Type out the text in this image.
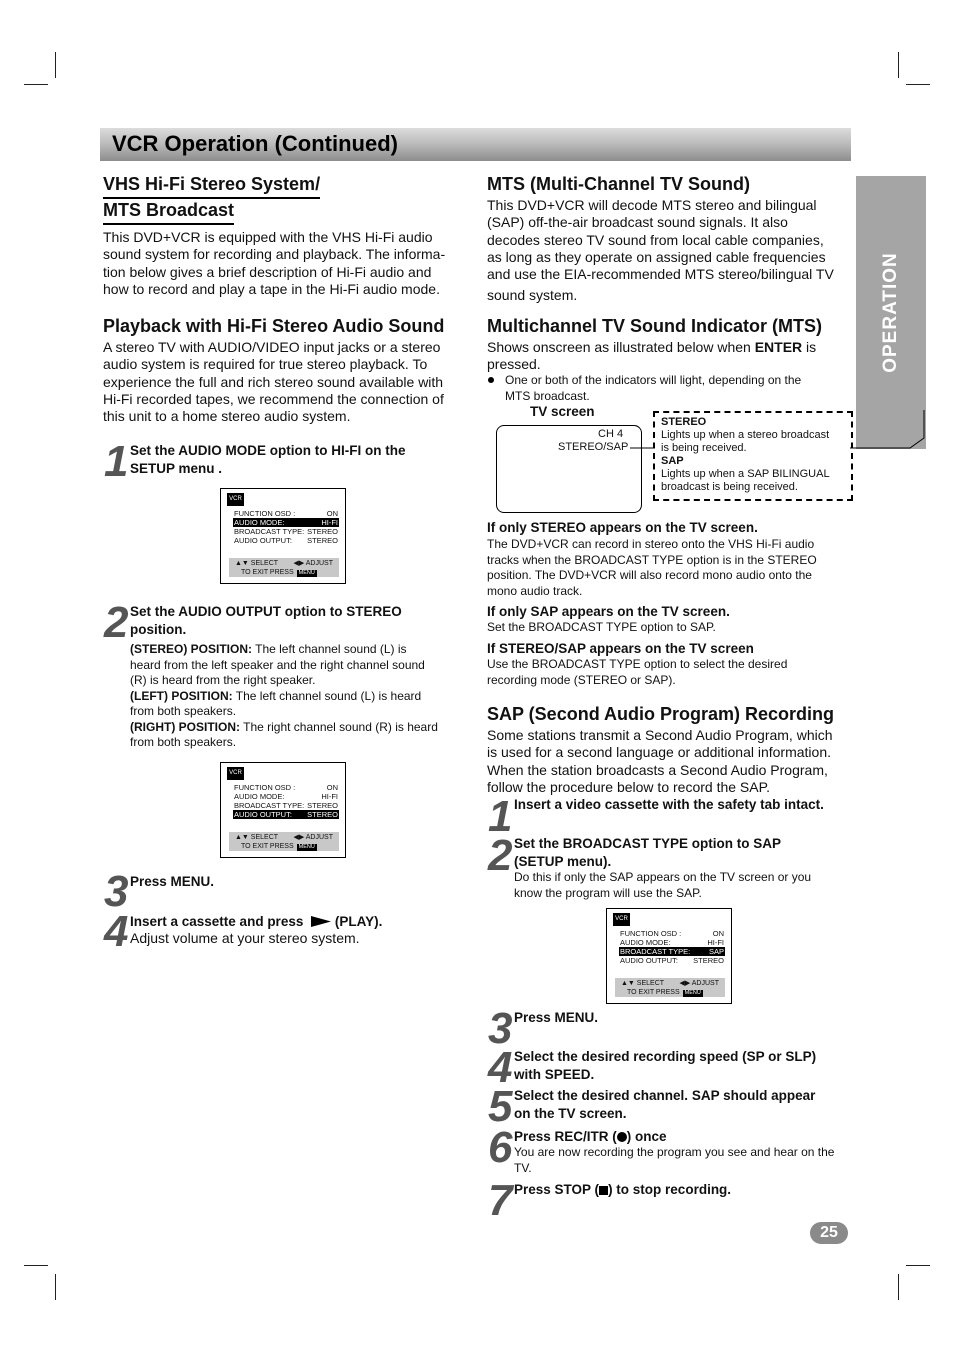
VCR Operation (Continued)
OPERATION
VHS Hi-Fi Stereo System/
MTS Broadcast
This DVD+VCR is equipped with the VHS Hi-Fi audio
sound system for recording and playback. The informa-
tion below gives a brief description of Hi-Fi audio and
how to record and play a tape in the Hi-Fi audio mode.
Playback with Hi-Fi Stereo Audio Sound
A stereo TV with AUDIO/VIDEO input jacks or a stereo
audio system is required for true stereo playback. To
experience the full and rich stereo sound available with
Hi-Fi recorded tapes, we recommend the connection of
this unit to a home stereo audio system.
1 Set the AUDIO MODE option to HI-FI on the
SETUP menu .
VCR
FUNCTION OSD :	ON
AUDIO MODE:	HI-FI
BROADCAST TYPE: STEREO
AUDIO OUTPUT: STEREO
▲▼ SELECT ◀▶ ADJUST
TO EXIT PRESS MENU
2 Set the AUDIO OUTPUT option to STEREO
position.
(STEREO) POSITION: The left channel sound (L) is
heard from the left speaker and the right channel sound
(R) is heard from the right speaker.
(LEFT) POSITION: The left channel sound (L) is heard
from both speakers.
(RIGHT) POSITION: The right channel sound (R) is heard
from both speakers.
VCR
FUNCTION OSD :	ON
AUDIO MODE:	HI-FI
BROADCAST TYPE: STEREO
AUDIO OUTPUT: STEREO
▲▼ SELECT ◀▶ ADJUST
TO EXIT PRESS MENU
3 Press MENU.
4 Insert a cassette and press  (PLAY).
Adjust volume at your stereo system.
MTS (Multi-Channel TV Sound)
This DVD+VCR will decode MTS stereo and bilingual
(SAP) off-the-air broadcast sound signals. It also
decodes stereo TV sound from local cable companies,
as long as they operate on assigned cable frequencies
and use the EIA-recommended MTS stereo/bilingual TV
sound system.
Multichannel TV Sound Indicator (MTS)
Shows onscreen as illustrated below when ENTER is
pressed.
One or both of the indicators will light, depending on the
MTS broadcast.
TV screen
CH 4
STEREO/SAP
STEREO
Lights up when a stereo broadcast
is being received.
SAP
Lights up when a SAP BILINGUAL
broadcast is being received.
If only STEREO appears on the TV screen.
The DVD+VCR can record in stereo onto the VHS Hi-Fi audio
tracks when the BROADCAST TYPE option is in the STEREO
position. The DVD+VCR will also record mono audio onto the
mono audio track.
If only SAP appears on the TV screen.
Set the BROADCAST TYPE option to SAP.
If STEREO/SAP appears on the TV screen
Use the BROADCAST TYPE option to select the desired
recording mode (STEREO or SAP).
SAP (Second Audio Program) Recording
Some stations transmit a Second Audio Program, which
is used for a second language or additional information.
When the station broadcasts a Second Audio Program,
follow the procedure below to record the SAP.
1 Insert a video cassette with the safety tab intact.
2 Set the BROADCAST TYPE option to SAP
(SETUP menu).
Do this if only the SAP appears on the TV screen or you
know the program will use the SAP.
VCR
FUNCTION OSD :	ON
AUDIO MODE:	HI-FI
BROADCAST TYPE:	SAP
AUDIO OUTPUT: STEREO
▲▼ SELECT ◀▶ ADJUST
TO EXIT PRESS MENU
3 Press MENU.
4 Select the desired recording speed (SP or SLP)
with SPEED.
5 Select the desired channel. SAP should appear
on the TV screen.
6 Press REC/ITR ( ) once
You are now recording the program you see and hear on the
TV.
7 Press STOP ( ) to stop recording.
25
